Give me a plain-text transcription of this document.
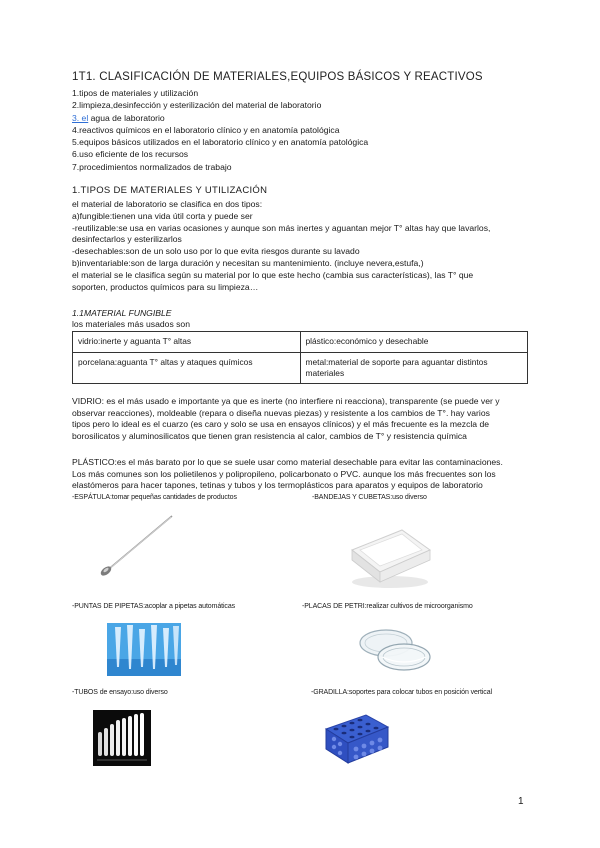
1T1. CLASIFICACIÓN DE MATERIALES,EQUIPOS BÁSICOS Y REACTIVOS
1.tipos de materiales y utilización
2.limpieza,desinfección y esterilización del material de laboratorio
3. el agua de laboratorio
4.reactivos químicos en el laboratorio clínico y en anatomía patológica
5.equipos básicos utilizados en el laboratorio clínico y en anatomía patológica
6.uso eficiente de los recursos
7.procedimientos normalizados de trabajo
1.TIPOS DE MATERIALES Y UTILIZACIÓN
el material de laboratorio se clasifica en dos tipos:
a)fungible:tienen una vida útil corta y puede ser
-reutilizable:se usa en varias ocasiones y aunque son más inertes y aguantan mejor T° altas hay que lavarlos,
desinfectarlos y esterilizarlos
-desechables:son de un solo uso por lo que evita riesgos durante su lavado
b)inventariable:son de larga duración y necesitan su mantenimiento. (incluye nevera,estufa,)
el material se le clasifica según su material por lo que este hecho (cambia sus características), las T° que
soporten, productos químicos para su limpieza…
1.1MATERIAL FUNGIBLE
los materiales más usados son
vidrio:inerte y aguanta T° altas	plástico:económico y desechable
porcelana:aguanta T° altas y ataques químicos	metal:material de soporte para aguantar distintos materiales
VIDRIO: es el más usado e importante ya que es inerte (no interfiere ni reacciona), transparente (se puede ver y
observar reacciones), moldeable (repara o diseña nuevas piezas) y resistente a los cambios de T°. hay varios
tipos pero lo ideal es el cuarzo (es caro y solo se usa en ensayos clínicos) y el más frecuente es la mezcla de
borosilicatos y aluminosilicatos que tienen gran resistencia al calor, cambios de T° y resistencia química
PLÁSTICO:es el más barato por lo que se suele usar como material desechable para evitar las contaminaciones.
Los más comunes son los polietilenos y polipropileno, policarbonato o PVC. aunque los más frecuentes son los
elastómeros para hacer tapones, tetinas y tubos y los termoplásticos para aparatos y equipos de laboratorio
-ESPÁTULA:tomar pequeñas cantidades de productos	-BANDEJAS Y CUBETAS:uso diverso
-PUNTAS DE PIPETAS:acoplar a pipetas automáticas	-PLACAS DE PETRI:realizar cultivos de microorganismo
-TUBOS de ensayo:uso diverso	-GRADILLA:soportes para colocar tubos en posición vertical
1
